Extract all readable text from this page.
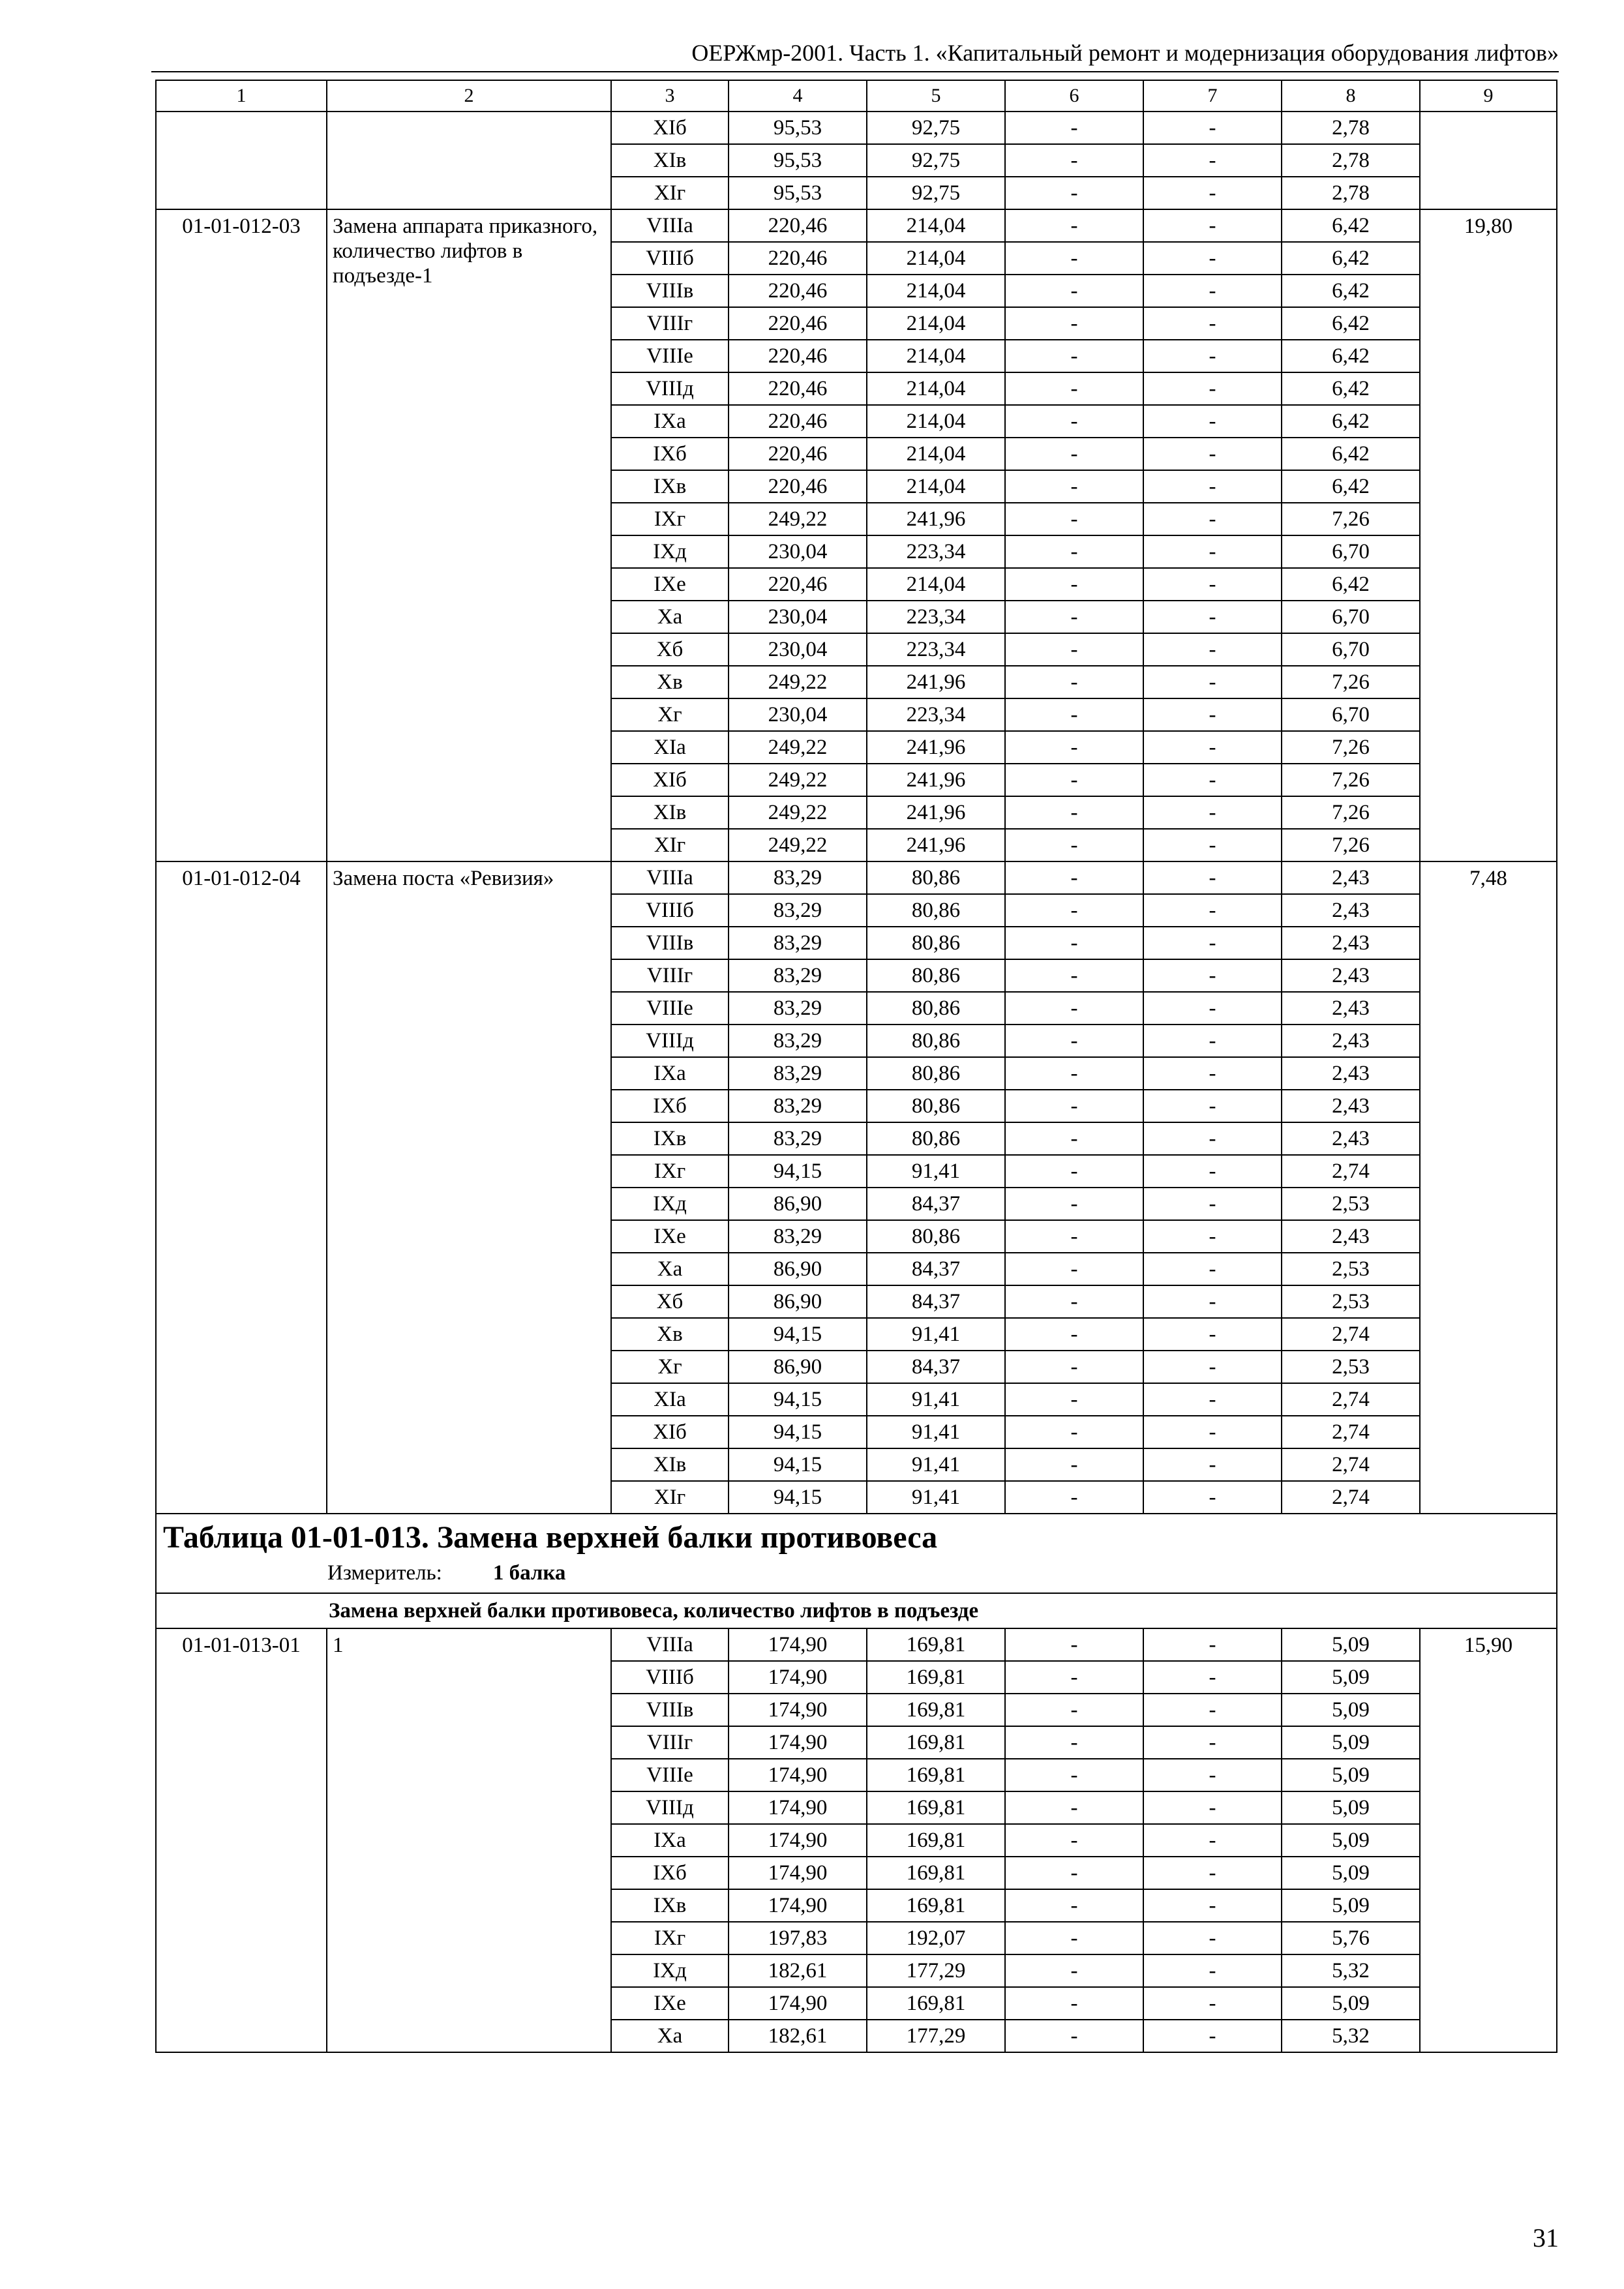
ОЕРЖмр-2001. Часть 1. «Капитальный ремонт и модернизация оборудования лифтов»
1	2	3	4	5	6	7	8	9
		XIб	95,53	92,75	-	-	2,78	
		XIв	95,53	92,75	-	-	2,78	
		XIг	95,53	92,75	-	-	2,78	
01-01-012-03	Замена аппарата приказного, количество лифтов в подъезде-1	VIIIа	220,46	214,04	-	-	6,42	19,80
		VIIIб	220,46	214,04	-	-	6,42	
		VIIIв	220,46	214,04	-	-	6,42	
		VIIIг	220,46	214,04	-	-	6,42	
		VIIIе	220,46	214,04	-	-	6,42	
		VIIIд	220,46	214,04	-	-	6,42	
		IXа	220,46	214,04	-	-	6,42	
		IXб	220,46	214,04	-	-	6,42	
		IXв	220,46	214,04	-	-	6,42	
		IXг	249,22	241,96	-	-	7,26	
		IXд	230,04	223,34	-	-	6,70	
		IXе	220,46	214,04	-	-	6,42	
		Xа	230,04	223,34	-	-	6,70	
		Xб	230,04	223,34	-	-	6,70	
		Xв	249,22	241,96	-	-	7,26	
		Xг	230,04	223,34	-	-	6,70	
		XIа	249,22	241,96	-	-	7,26	
		XIб	249,22	241,96	-	-	7,26	
		XIв	249,22	241,96	-	-	7,26	
		XIг	249,22	241,96	-	-	7,26	
01-01-012-04	Замена поста «Ревизия»	VIIIа	83,29	80,86	-	-	2,43	7,48
		VIIIб	83,29	80,86	-	-	2,43	
		VIIIв	83,29	80,86	-	-	2,43	
		VIIIг	83,29	80,86	-	-	2,43	
		VIIIе	83,29	80,86	-	-	2,43	
		VIIIд	83,29	80,86	-	-	2,43	
		IXа	83,29	80,86	-	-	2,43	
		IXб	83,29	80,86	-	-	2,43	
		IXв	83,29	80,86	-	-	2,43	
		IXг	94,15	91,41	-	-	2,74	
		IXд	86,90	84,37	-	-	2,53	
		IXе	83,29	80,86	-	-	2,43	
		Xа	86,90	84,37	-	-	2,53	
		Xб	86,90	84,37	-	-	2,53	
		Xв	94,15	91,41	-	-	2,74	
		Xг	86,90	84,37	-	-	2,53	
		XIа	94,15	91,41	-	-	2,74	
		XIб	94,15	91,41	-	-	2,74	
		XIв	94,15	91,41	-	-	2,74	
		XIг	94,15	91,41	-	-	2,74	

Таблица 01-01-013. Замена верхней балки противовеса
Измеритель: 1 балка								

Замена верхней балки противовеса, количество лифтов в подъезде								
01-01-013-01	1	VIIIа	174,90	169,81	-	-	5,09	15,90
		VIIIб	174,90	169,81	-	-	5,09	
		VIIIв	174,90	169,81	-	-	5,09	
		VIIIг	174,90	169,81	-	-	5,09	
		VIIIе	174,90	169,81	-	-	5,09	
		VIIIд	174,90	169,81	-	-	5,09	
		IXа	174,90	169,81	-	-	5,09	
		IXб	174,90	169,81	-	-	5,09	
		IXв	174,90	169,81	-	-	5,09	
		IXг	197,83	192,07	-	-	5,76	
		IXд	182,61	177,29	-	-	5,32	
		IXе	174,90	169,81	-	-	5,09	
		Xа	182,61	177,29	-	-	5,32	
31
